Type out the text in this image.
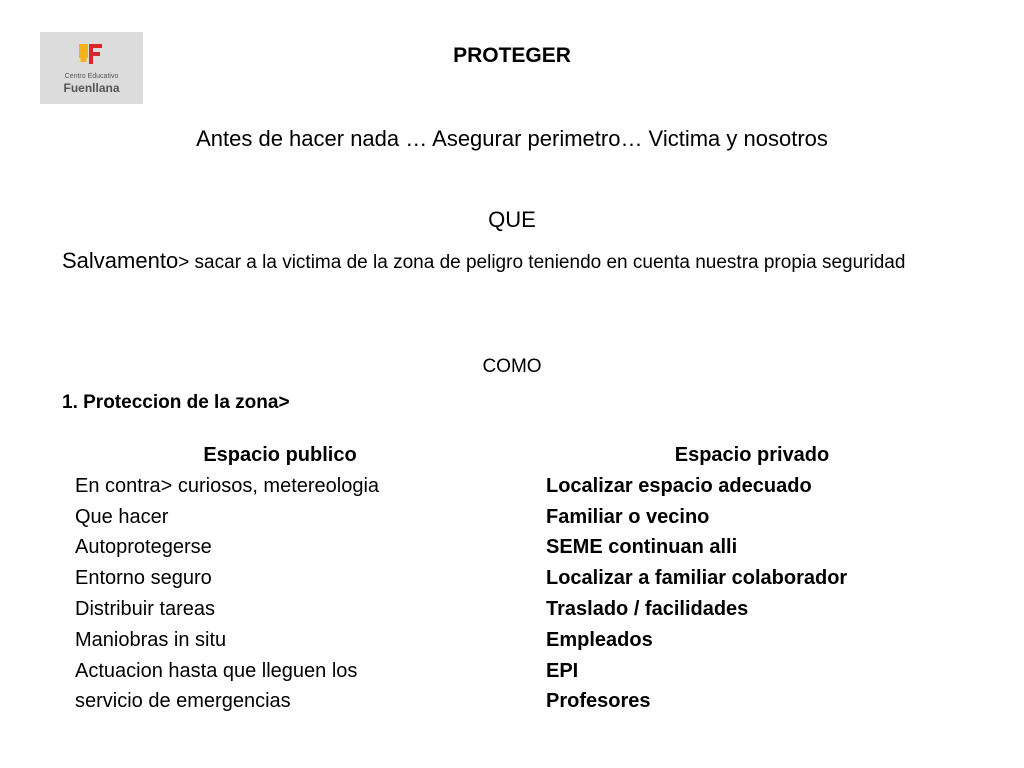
Centro Educativo
Fuenllana
PROTEGER
Antes de hacer nada … Asegurar perimetro… Victima y nosotros
QUE
Salvamento> sacar a la victima de la zona de peligro teniendo en cuenta nuestra propia seguridad
COMO
1. Proteccion de la zona>
Espacio publico
En contra> curiosos, metereologia
Que hacer
Autoprotegerse
Entorno seguro
Distribuir tareas
Maniobras in situ
Actuacion hasta que lleguen los
servicio de emergencias
Espacio privado
Localizar espacio adecuado
Familiar o vecino
SEME continuan alli
Localizar a familiar colaborador
Traslado / facilidades
Empleados
EPI
Profesores
